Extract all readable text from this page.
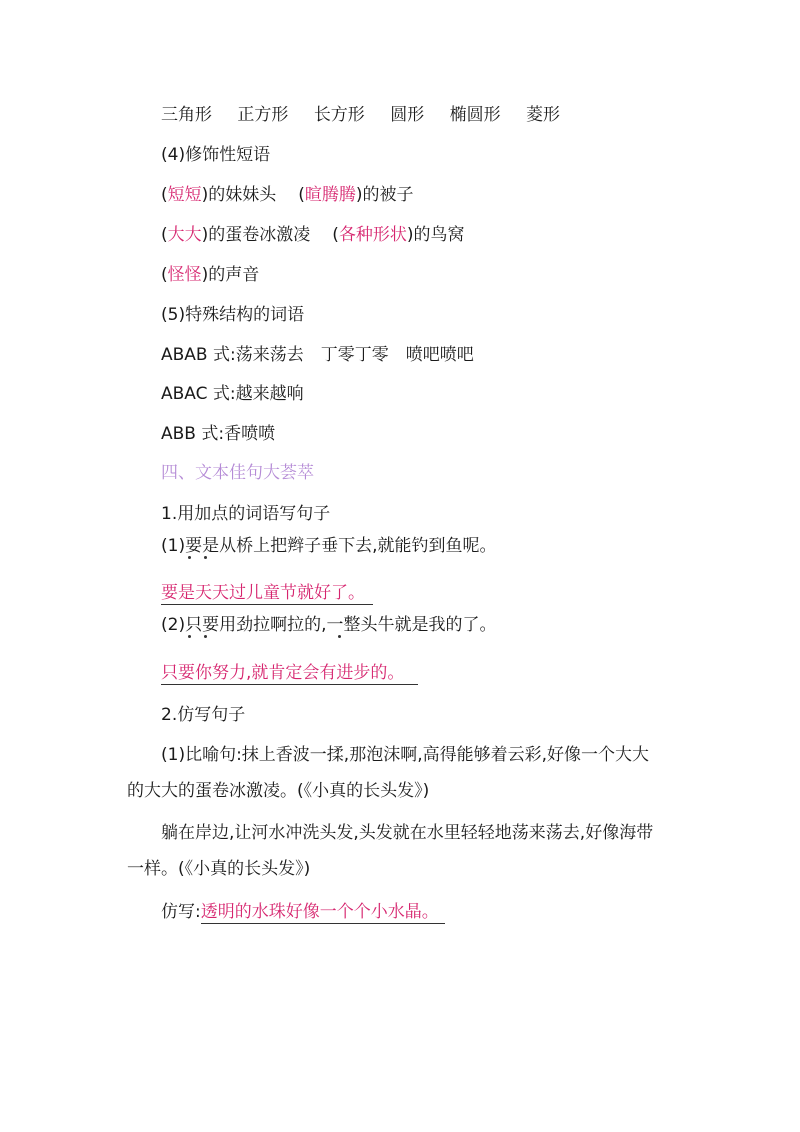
三角形 正方形 长方形 圆形 椭圆形 菱形
(4)修饰性短语
(短短)的妹妹头 (暄腾腾)的被子
(大大)的蛋卷冰激凌 (各种形状)的鸟窝
(怪怪)的声音
(5)特殊结构的词语
ABAB 式:荡来荡去　丁零丁零　喷吧喷吧
ABAC 式:越来越响
ABB 式:香喷喷
四、文本佳句大荟萃
1.用加点的词语写句子
(1)要是从桥上把辫子垂下去,就能钓到鱼呢。
要是天天过儿童节就好了。
(2)只要用劲拉啊拉的,一整头牛就是我的了。
只要你努力,就肯定会有进步的。
2.仿写句子
(1)比喻句:抹上香波一揉,那泡沫啊,高得能够着云彩,好像一个大大的大大的蛋卷冰激凌。(《小真的长头发》)
躺在岸边,让河水冲洗头发,头发就在水里轻轻地荡来荡去,好像海带一样。(《小真的长头发》)
仿写:透明的水珠好像一个个小水晶。
